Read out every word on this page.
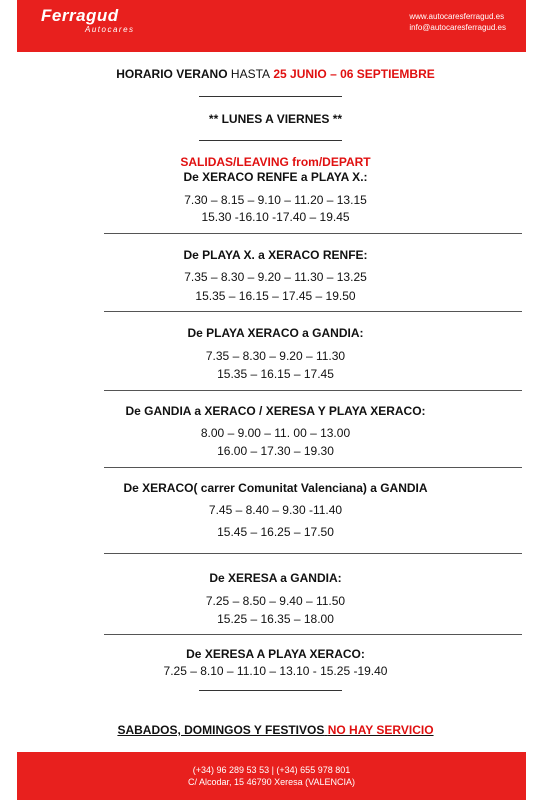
Ferragud
Autocares
www.autocaresferragud.es
info@autocaresferragud.es
HORARIO VERANO HASTA 25 JUNIO – 06 SEPTIEMBRE
** LUNES A VIERNES **
SALIDAS/LEAVING from/DEPART
De XERACO RENFE a PLAYA X.:
7.30 – 8.15 – 9.10 – 11.20 – 13.15
15.30 -16.10 -17.40 – 19.45
De PLAYA X. a XERACO RENFE:
7.35 – 8.30 – 9.20 – 11.30 – 13.25
15.35 – 16.15 – 17.45 – 19.50
De PLAYA XERACO a GANDIA:
7.35 – 8.30 – 9.20 – 11.30
15.35 – 16.15 – 17.45
De GANDIA a XERACO / XERESA Y PLAYA XERACO:
8.00 – 9.00 – 11. 00 – 13.00
16.00 – 17.30 – 19.30
De XERACO( carrer Comunitat Valenciana) a GANDIA
7.45 – 8.40 – 9.30 -11.40
15.45 – 16.25 – 17.50
De XERESA a GANDIA:
7.25 – 8.50 – 9.40 – 11.50
15.25 – 16.35 – 18.00
De XERESA A PLAYA XERACO:
7.25 – 8.10 – 11.10 – 13.10 - 15.25 -19.40
SABADOS, DOMINGOS Y FESTIVOS NO HAY SERVICIO
(+34) 96 289 53 53 | (+34) 655 978 801
C/ Alcodar, 15 46790 Xeresa (VALENCIA)
